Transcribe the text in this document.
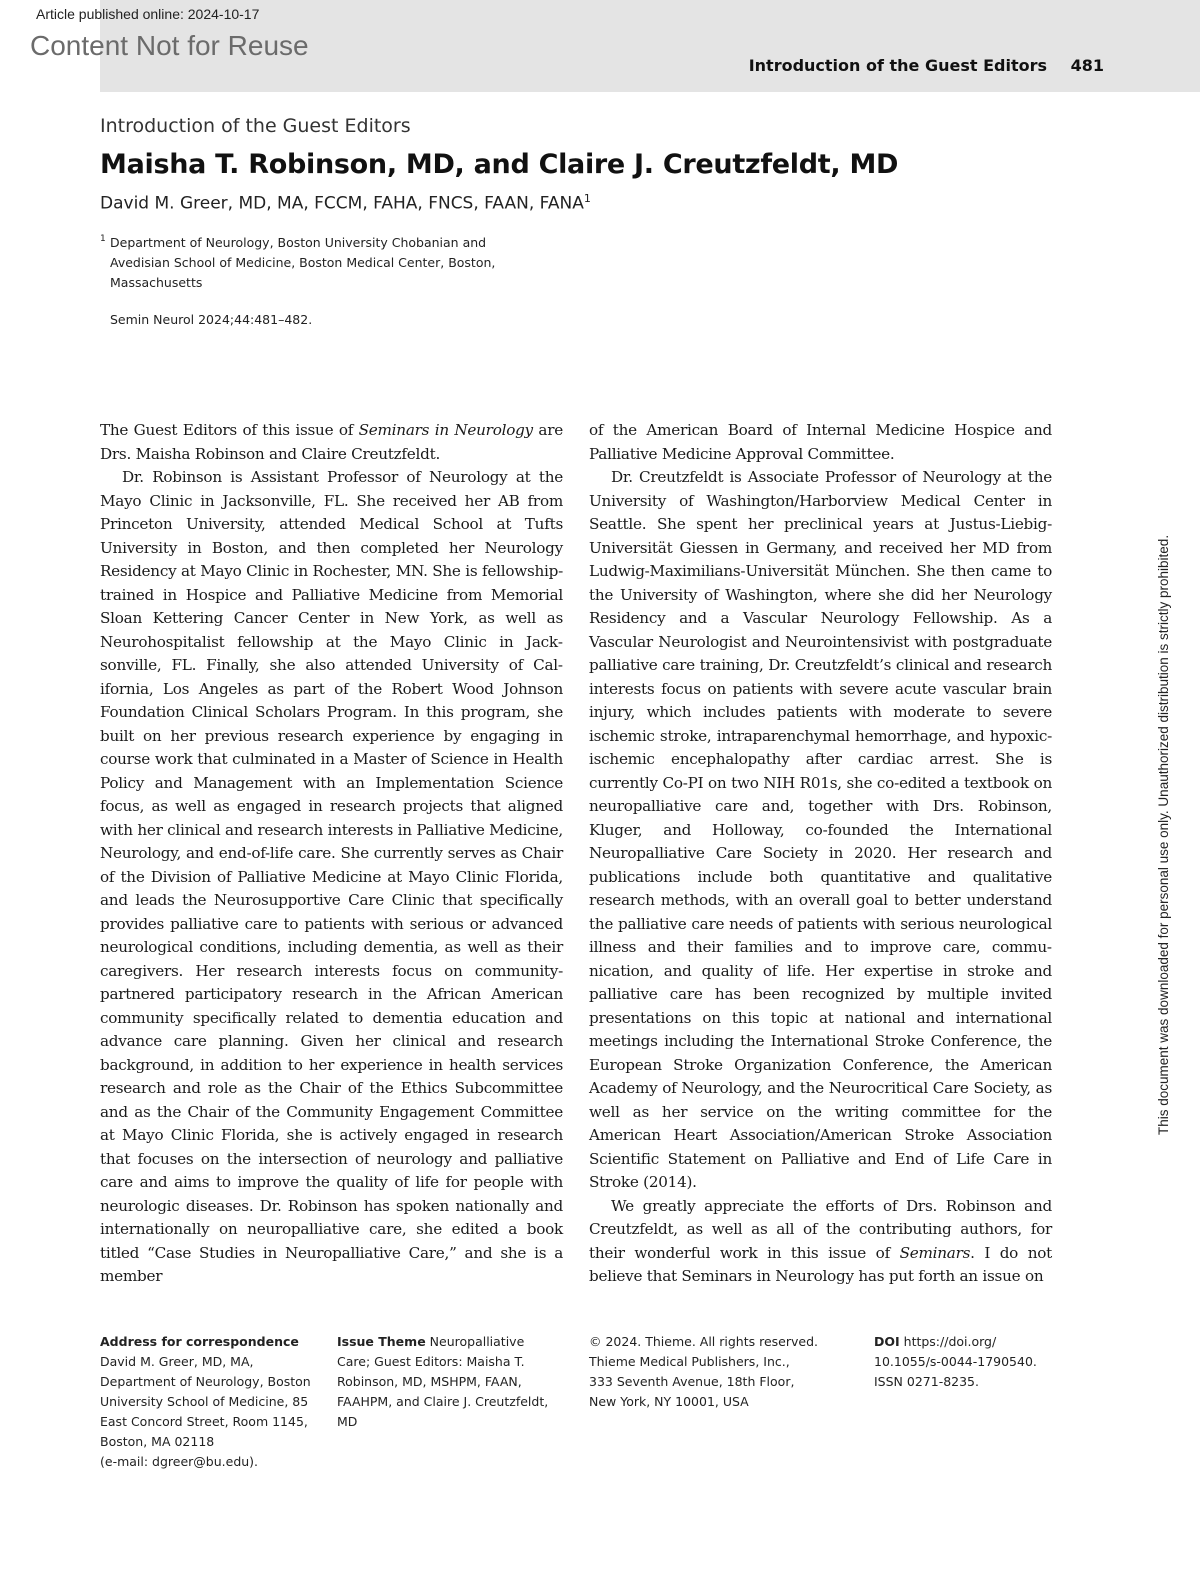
Article published online: 2024-10-17
Content Not for Reuse
Introduction of the Guest Editors 481
Introduction of the Guest Editors
Maisha T. Robinson, MD, and Claire J. Creutzfeldt, MD
David M. Greer, MD, MA, FCCM, FAHA, FNCS, FAAN, FANA$^1$
1 Department of Neurology, Boston University Chobanian and
Avedisian School of Medicine, Boston Medical Center, Boston,
Massachusetts
Semin Neurol 2024;44:481–482.

The Guest Editors of this issue of Seminars in Neurology are Drs. Maisha Robinson and Claire Creutzfeldt.

Dr. Robinson is Assistant Professor of Neurology at the Mayo Clinic in Jacksonville, FL. She received her AB from Princeton University, attended Medical School at Tufts University in Boston, and then completed her Neurology Residency at Mayo Clinic in Rochester, MN. She is fellowship-trained in Hospice and Palliative Medicine from Memorial Sloan Kettering Cancer Center in New York, as well as Neurohospitalist fellowship at the Mayo Clinic in Jacksonville, FL. Finally, she also attended University of California, Los Angeles as part of the Robert Wood Johnson Foundation Clinical Scholars Program. In this program, she built on her previous research experience by engaging in course work that culminated in a Master of Science in Health Policy and Management with an Implementation Science focus, as well as engaged in research projects that aligned with her clinical and research interests in Palliative Medicine, Neurology, and end-of-life care. She currently serves as Chair of the Division of Palliative Medicine at Mayo Clinic Florida, and leads the Neurosupportive Care Clinic that specifically provides palliative care to patients with serious or advanced neurological conditions, including dementia, as well as their caregivers. Her research interests focus on community-partnered participatory research in the African American community specifically related to dementia education and advance care planning. Given her clinical and research background, in addition to her experience in health services research and role as the Chair of the Ethics Subcommittee and as the Chair of the Community Engagement Committee at Mayo Clinic Florida, she is actively engaged in research that focuses on the intersection of neurology and palliative care and aims to improve the quality of life for people with neurologic diseases. Dr. Robinson has spoken nationally and internationally on neuropalliative care, she edited a book titled “Case Studies in Neuropalliative Care,” and she is a member

of the American Board of Internal Medicine Hospice and Palliative Medicine Approval Committee.

Dr. Creutzfeldt is Associate Professor of Neurology at the University of Washington/Harborview Medical Center in Seattle. She spent her preclinical years at Justus-Liebig-Universität Giessen in Germany, and received her MD from Ludwig-Maximilians-Universität München. She then came to the University of Washington, where she did her Neurology Residency and a Vascular Neurology Fellowship. As a Vascular Neurologist and Neurointensivist with postgraduate palliative care training, Dr. Creutzfeldt’s clinical and research interests focus on patients with severe acute vascular brain injury, which includes patients with moderate to severe ischemic stroke, intraparenchymal hemorrhage, and hypoxic-ischemic encephalopathy after cardiac arrest. She is currently Co-PI on two NIH R01s, she co-edited a textbook on neuropalliative care and, together with Drs. Robinson, Kluger, and Holloway, co-founded the International Neuropalliative Care Society in 2020. Her research and publications include both quantitative and qualitative research methods, with an overall goal to better understand the palliative care needs of patients with serious neurological illness and their families and to improve care, communication, and quality of life. Her expertise in stroke and palliative care has been recognized by multiple invited presentations on this topic at national and international meetings including the International Stroke Conference, the European Stroke Organization Conference, the American Academy of Neurology, and the Neurocritical Care Society, as well as her service on the writing committee for the American Heart Association/American Stroke Association Scientific Statement on Palliative and End of Life Care in Stroke (2014).

We greatly appreciate the efforts of Drs. Robinson and Creutzfeldt, as well as all of the contributing authors, for their wonderful work in this issue of Seminars. I do not believe that Seminars in Neurology has put forth an issue on

This document was downloaded for personal use only. Unauthorized distribution is strictly prohibited.
Address for correspondence
David M. Greer, MD, MA,
Department of Neurology, Boston
University School of Medicine, 85
East Concord Street, Room 1145,
Boston, MA 02118
(e-mail: dgreer@bu.edu).
Issue Theme Neuropalliative
Care; Guest Editors: Maisha T.
Robinson, MD, MSHPM, FAAN,
FAAHPM, and Claire J. Creutzfeldt,
MD
© 2024. Thieme. All rights reserved.
Thieme Medical Publishers, Inc.,
333 Seventh Avenue, 18th Floor,
New York, NY 10001, USA
DOI https://doi.org/
10.1055/s-0044-1790540.
ISSN 0271-8235.
